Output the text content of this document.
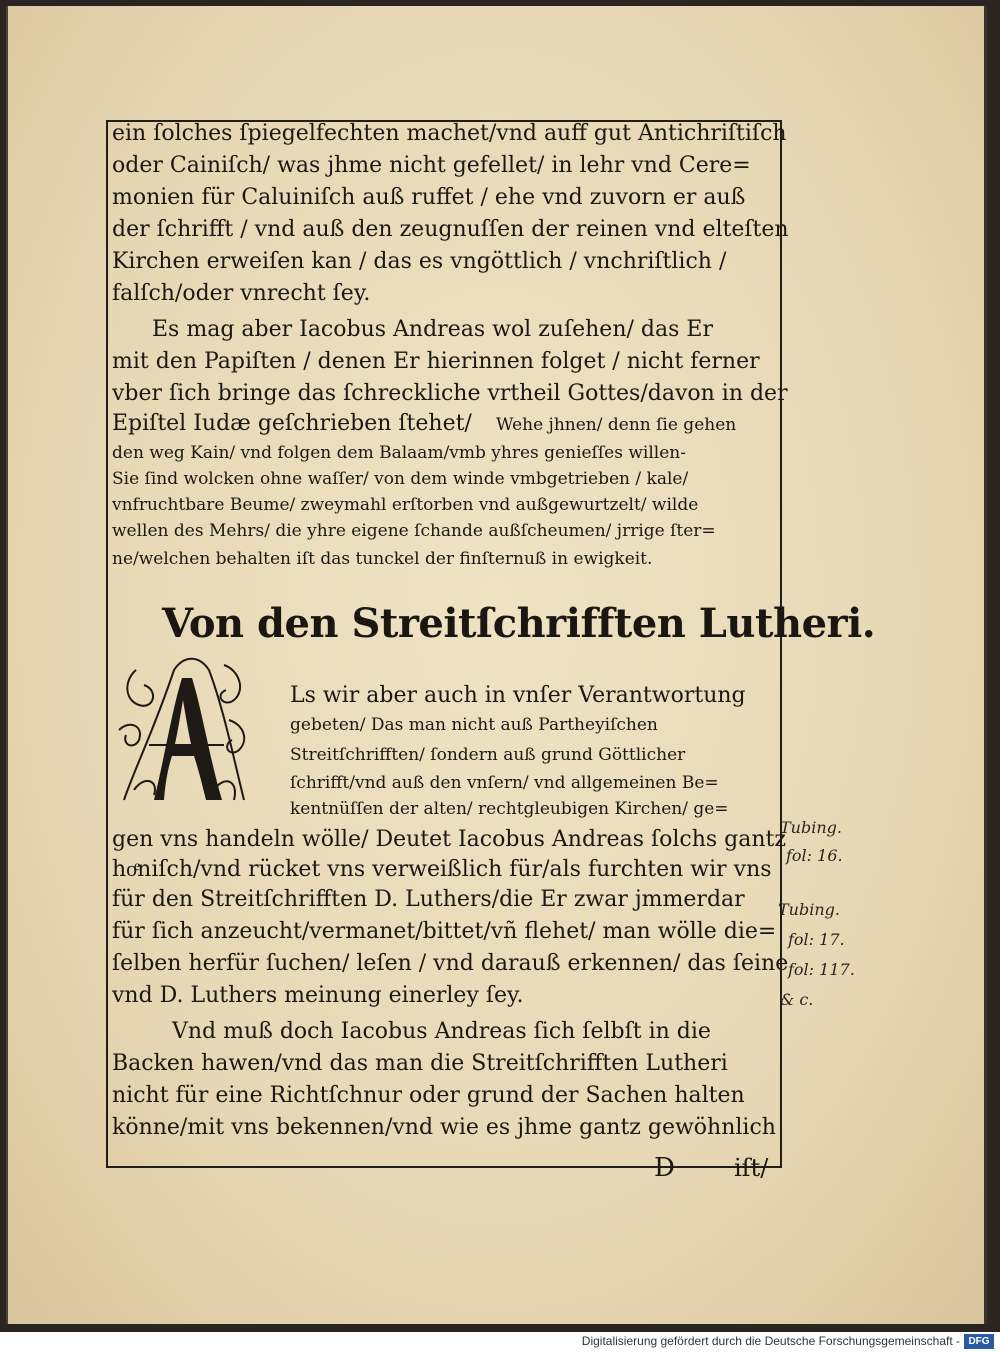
ein ſolches ſpiegelfechten machet/vnd auff gut Antichriſtiſch
oder Cainiſch/ was jhme nicht gefellet/ in lehr vnd Cere=
monien für Caluiniſch auß ruffet / ehe vnd zuvorn er auß
der ſchrifft / vnd auß den zeugnuſſen der reinen vnd elteſten
Kirchen erweiſen kan / das es vngöttlich / vnchriſtlich /
falſch/oder vnrecht ſey.
Es mag aber Iacobus Andreas wol zuſehen/ das Er
mit den Papiſten / denen Er hierinnen folget / nicht ferner
vber ſich bringe das ſchreckliche vrtheil Gottes/davon in der
Epiſtel Iudæ geſchrieben ſtehet/ Wehe jhnen/ denn ſie gehen
den weg Kain/ vnd folgen dem Balaam/vmb yhres genieſſes willen-
Sie ſind wolcken ohne waſſer/ von dem winde vmbgetrieben / kale/
vnfruchtbare Beume/ zweymahl erſtorben vnd außgewurtzelt/ wilde
wellen des Mehrs/ die yhre eigene ſchande außſcheumen/ jrrige ſter=
ne/welchen behalten iſt das tunckel der finſternuß in ewigkeit.
Von den Streitſchrifften Lutheri.
Ls wir aber auch in vnſer Verantwortung
gebeten/ Das man nicht auß Partheyiſchen
Streitſchrifften/ ſondern auß grund Göttlicher
ſchrifft/vnd auß den vnſern/ vnd allgemeinen Be=
kentnüſſen der alten/ rechtgleubigen Kirchen/ ge=
gen vns handeln wölle/ Deutet Iacobus Andreas ſolchs gantz
hoͤniſch/vnd rücket vns verweißlich für/als furchten wir vns
für den Streitſchrifften D. Luthers/die Er zwar jmmerdar
für ſich anzeucht/vermanet/bittet/vñ flehet/ man wölle die=
ſelben herfür ſuchen/ leſen / vnd darauß erkennen/ das ſeine
vnd D. Luthers meinung einerley ſey.
Vnd muß doch Iacobus Andreas ſich ſelbſt in die
Backen hawen/vnd das man die Streitſchrifften Lutheri
nicht für eine Richtſchnur oder grund der Sachen halten
könne/mit vns bekennen/vnd wie es jhme gantz gewöhnlich
D iſt/
Tubing.
fol: 16.
Tubing.
fol: 17.
fol: 117.
& c.
Digitalisierung gefördert durch die Deutsche Forschungsgemeinschaft - DFG
